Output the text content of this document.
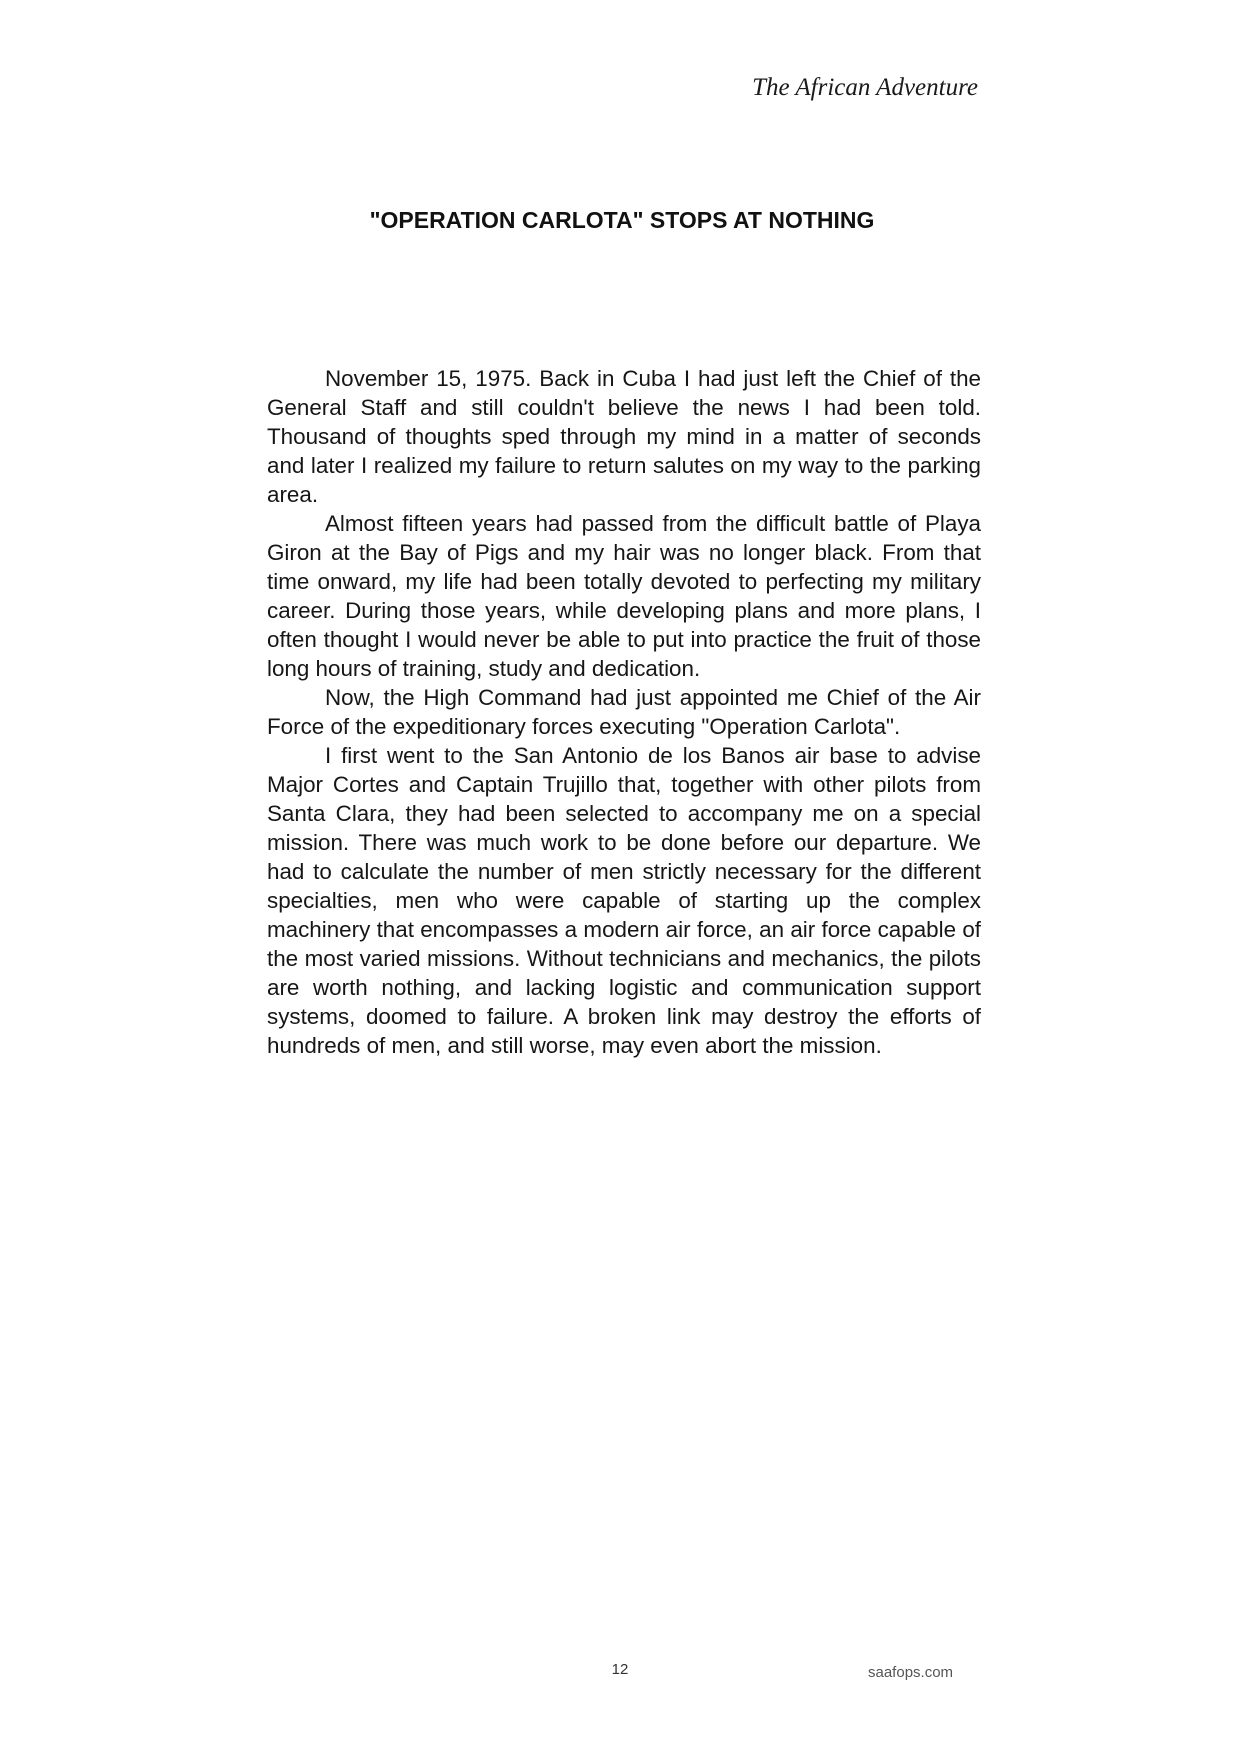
The African Adventure
"OPERATION CARLOTA" STOPS AT NOTHING

November 15, 1975. Back in Cuba I had just left the Chief of the General Staff and still couldn't believe the news I had been told. Thousand of thoughts sped through my mind in a matter of seconds and later I realized my failure to return salutes on my way to the parking area.

Almost fifteen years had passed from the difficult battle of Playa Giron at the Bay of Pigs and my hair was no longer black. From that time onward, my life had been totally devoted to perfecting my military career. During those years, while developing plans and more plans, I often thought I would never be able to put into practice the fruit of those long hours of training, study and dedication.

Now, the High Command had just appointed me Chief of the Air Force of the expeditionary forces executing "Operation Carlota".

I first went to the San Antonio de los Banos air base to advise Major Cortes and Captain Trujillo that, together with other pilots from Santa Clara, they had been selected to accompany me on a special mission. There was much work to be done before our departure. We had to calculate the number of men strictly necessary for the different specialties, men who were capable of starting up the complex machinery that encompasses a modern air force, an air force capable of the most varied missions. Without technicians and mechanics, the pilots are worth nothing, and lacking logistic and communication support systems, doomed to failure. A broken link may destroy the efforts of hundreds of men, and still worse, may even abort the mission.

12	saafops.com
